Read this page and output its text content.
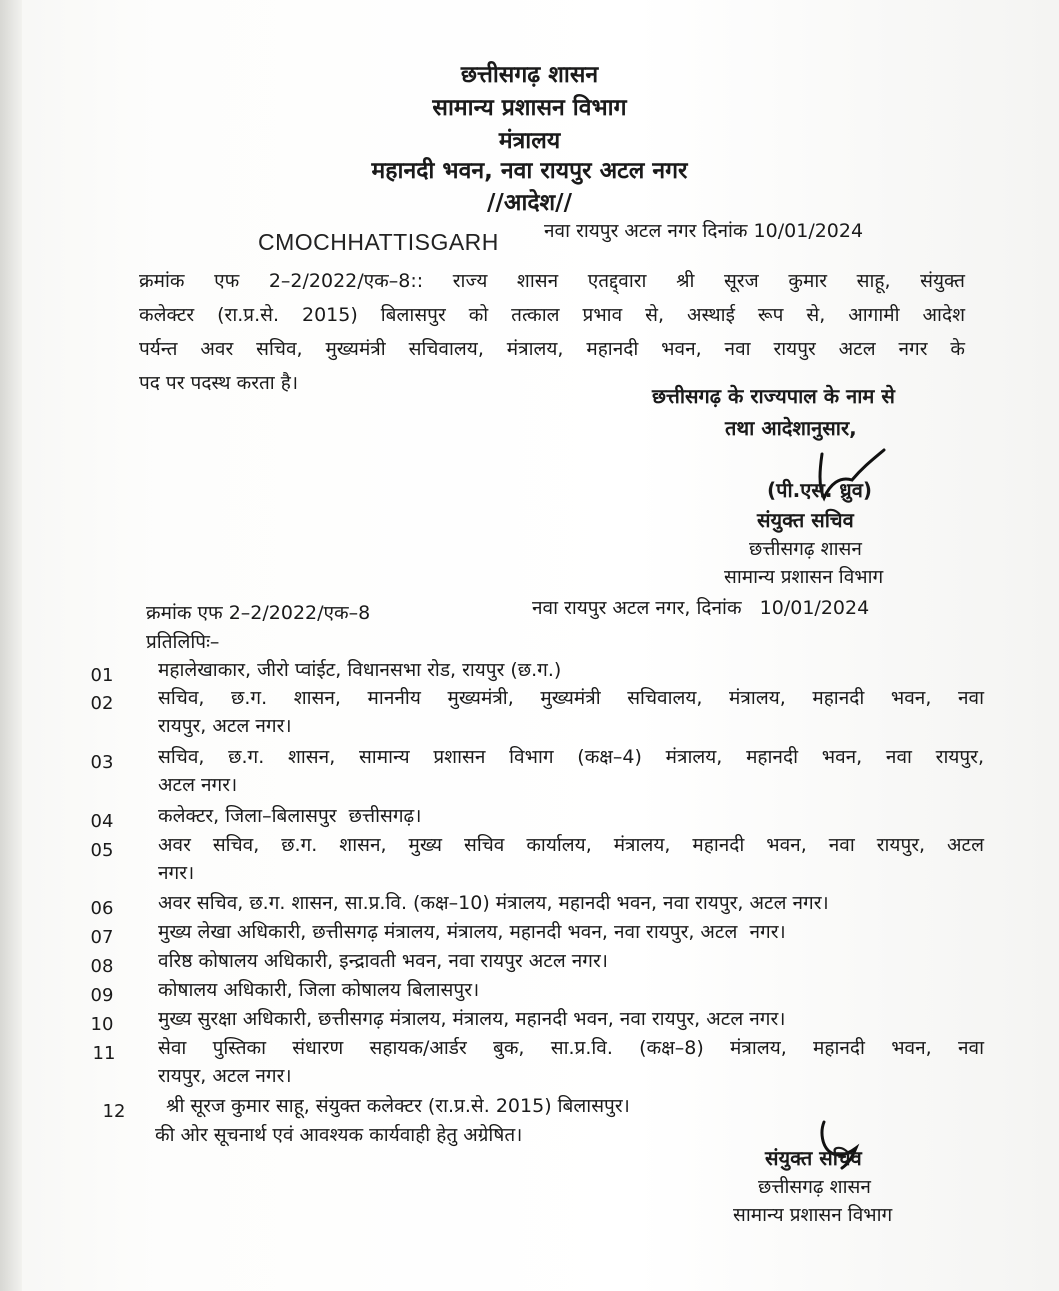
छत्तीसगढ़ शासन
सामान्य प्रशासन विभाग
मंत्रालय
महानदी भवन, नवा रायपुर अटल नगर
//आदेश//
CMOCHHATTISGARH नवा रायपुर अटल नगर दिनांक 10/01/2024
क्रमांक एफ 2–2/2022/एक–8:: राज्य शासन एतद्द्वारा श्री सूरज कुमार साहू, संयुक्त
कलेक्टर (रा.प्र.से. 2015) बिलासपुर को तत्काल प्रभाव से, अस्थाई रूप से, आगामी आदेश
पर्यन्त अवर सचिव, मुख्यमंत्री सचिवालय, मंत्रालय, महानदी भवन, नवा रायपुर अटल नगर के
पद पर पदस्थ करता है।
छत्तीसगढ़ के राज्यपाल के नाम से
तथा आदेशानुसार,
(पी.एस. ध्रुव)
संयुक्त सचिव
छत्तीसगढ़ शासन
सामान्य प्रशासन विभाग
क्रमांक एफ 2–2/2022/एक–8	नवा रायपुर अटल नगर, दिनांक   10/01/2024
प्रतिलिपिः–
01	महालेखाकार, जीरो प्वांईट, विधानसभा रोड, रायपुर (छ.ग.)
02	सचिव, छ.ग. शासन, माननीय मुख्यमंत्री, मुख्यमंत्री सचिवालय, मंत्रालय, महानदी भवन, नवा
रायपुर, अटल नगर।
03	सचिव, छ.ग. शासन, सामान्य प्रशासन विभाग (कक्ष–4) मंत्रालय, महानदी भवन, नवा रायपुर,
अटल नगर।
04	कलेक्टर, जिला–बिलासपुर  छत्तीसगढ़।
05	अवर सचिव, छ.ग. शासन, मुख्य सचिव कार्यालय, मंत्रालय, महानदी भवन, नवा रायपुर, अटल
नगर।
06	अवर सचिव, छ.ग. शासन, सा.प्र.वि. (कक्ष–10) मंत्रालय, महानदी भवन, नवा रायपुर, अटल नगर।
07	मुख्य लेखा अधिकारी, छत्तीसगढ़ मंत्रालय, मंत्रालय, महानदी भवन, नवा रायपुर, अटल  नगर।
08	वरिष्ठ कोषालय अधिकारी, इन्द्रावती भवन, नवा रायपुर अटल नगर।
09	कोषालय अधिकारी, जिला कोषालय बिलासपुर।
10	मुख्य सुरक्षा अधिकारी, छत्तीसगढ़ मंत्रालय, मंत्रालय, महानदी भवन, नवा रायपुर, अटल नगर।
11	सेवा पुस्तिका संधारण सहायक/आर्डर बुक, सा.प्र.वि. (कक्ष–8) मंत्रालय, महानदी भवन, नवा
रायपुर, अटल नगर।
12	श्री सूरज कुमार साहू, संयुक्त कलेक्टर (रा.प्र.से. 2015) बिलासपुर।
की ओर सूचनार्थ एवं आवश्यक कार्यवाही हेतु अग्रेषित।
संयुक्त सचिव
छत्तीसगढ़ शासन
सामान्य प्रशासन विभाग
